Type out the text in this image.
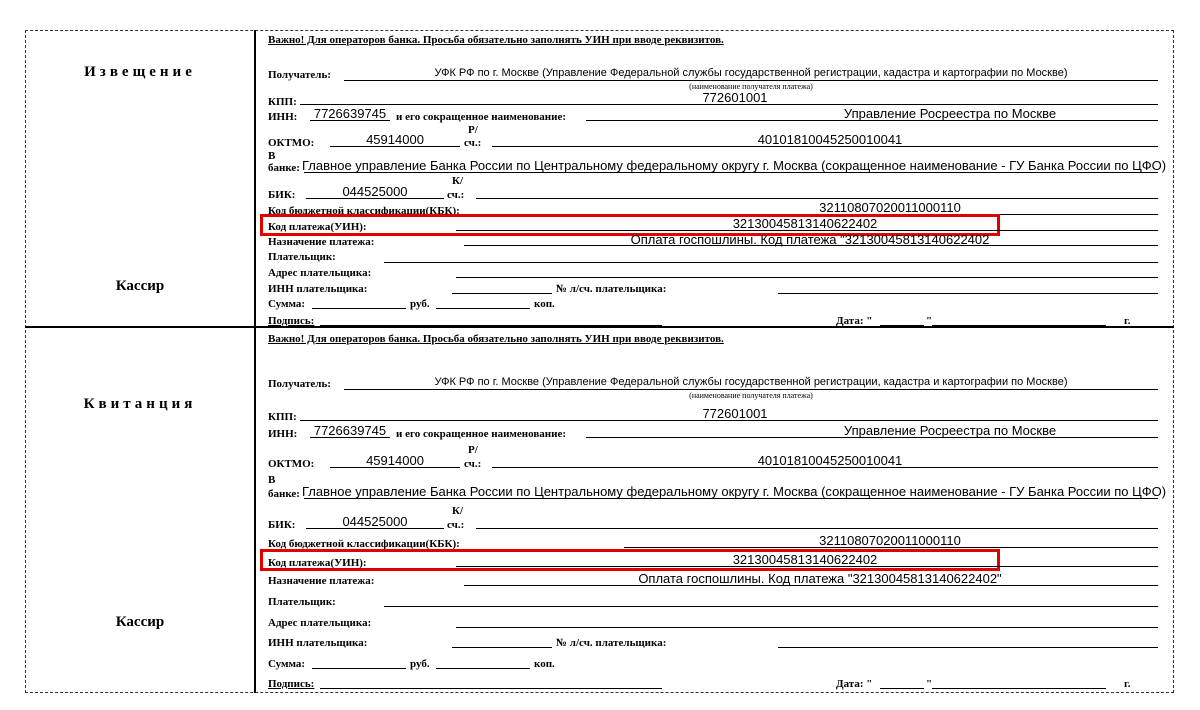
Извещение
Кассир
Важно! Для операторов банка. Просьба обязательно заполнять УИН при вводе реквизитов.
Получатель:	УФК РФ по г. Москве (Управление Федеральной службы государственной регистрации, кадастра и картографии по Москве)
(наименование получателя платежа)
КПП:	772601001
ИНН:	7726639745 и его сокращенное наименование:	Управление Росреестра по Москве
ОКТМО:	45914000
Р/
сч.:	40101810045250010041
В
банке: Главное управление Банка России по Центральному федеральному округу г. Москва (сокращенное наименование - ГУ Банка России по ЦФО)
БИК:	044525000
К/
сч.:
Код бюджетной классификации(КБК):	32110807020011000110
Код платежа(УИН):	32130045813140622402
Назначение платежа:	Оплата госпошлины. Код платежа "32130045813140622402
Плательщик:
Адрес плательщика:
ИНН плательщика:	№ л/сч. плательщика:
Сумма:	руб.	коп.
Подпись:	Дата: "	"	г.
Квитанция
Кассир
Важно! Для операторов банка. Просьба обязательно заполнять УИН при вводе реквизитов.
Получатель:	УФК РФ по г. Москве (Управление Федеральной службы государственной регистрации, кадастра и картографии по Москве)
(наименование получателя платежа)
КПП:	772601001
ИНН:	7726639745 и его сокращенное наименование:	Управление Росреестра по Москве
ОКТМО:	45914000
Р/
сч.:	40101810045250010041
В
банке: Главное управление Банка России по Центральному федеральному округу г. Москва (сокращенное наименование - ГУ Банка России по ЦФО)
БИК:	044525000
К/
сч.:
Код бюджетной классификации(КБК):	32110807020011000110
Код платежа(УИН):	32130045813140622402
Назначение платежа:	Оплата госпошлины. Код платежа "32130045813140622402"
Плательщик:
Адрес плательщика:
ИНН плательщика:	№ л/сч. плательщика:
Сумма:	руб.	коп.
Подпись:	Дата: "	"	г.
